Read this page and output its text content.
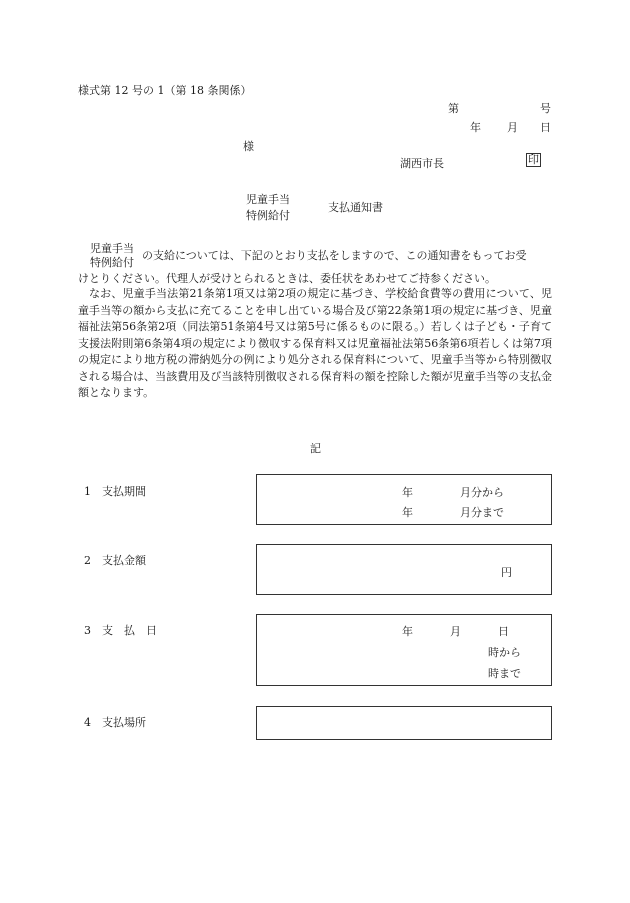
様式第 12 号の 1（第 18 条関係）
第	号
年 月 日
様
湖西市長	印
児童手当
特例給付
支払通知書
児童手当
特例給付
の支給については、下記のとおり支払をしますので、この通知書をもってお受
けとりください。代理人が受けとられるときは、委任状をあわせてご持参ください。
なお、児童手当法第21条第1項又は第2項の規定に基づき、学校給食費等の費用について、児童手当等の額から支払に充てることを申し出ている場合及び第22条第1項の規定に基づき、児童福祉法第56条第2項（同法第51条第4号又は第5号に係るものに限る。）若しくは子ども・子育て支援法附則第6条第4項の規定により徴収する保育料又は児童福祉法第56条第6項若しくは第7項の規定により地方税の滞納処分の例により処分される保育料について、児童手当等から特別徴収される場合は、当該費用及び当該特別徴収される保育料の額を控除した額が児童手当等の支払金額となります。
記
1　支払期間	年	月分から
年	月分まで
2　支払金額
円
3　支　払　日	年	月	日
時から
時まで
4　支払場所
